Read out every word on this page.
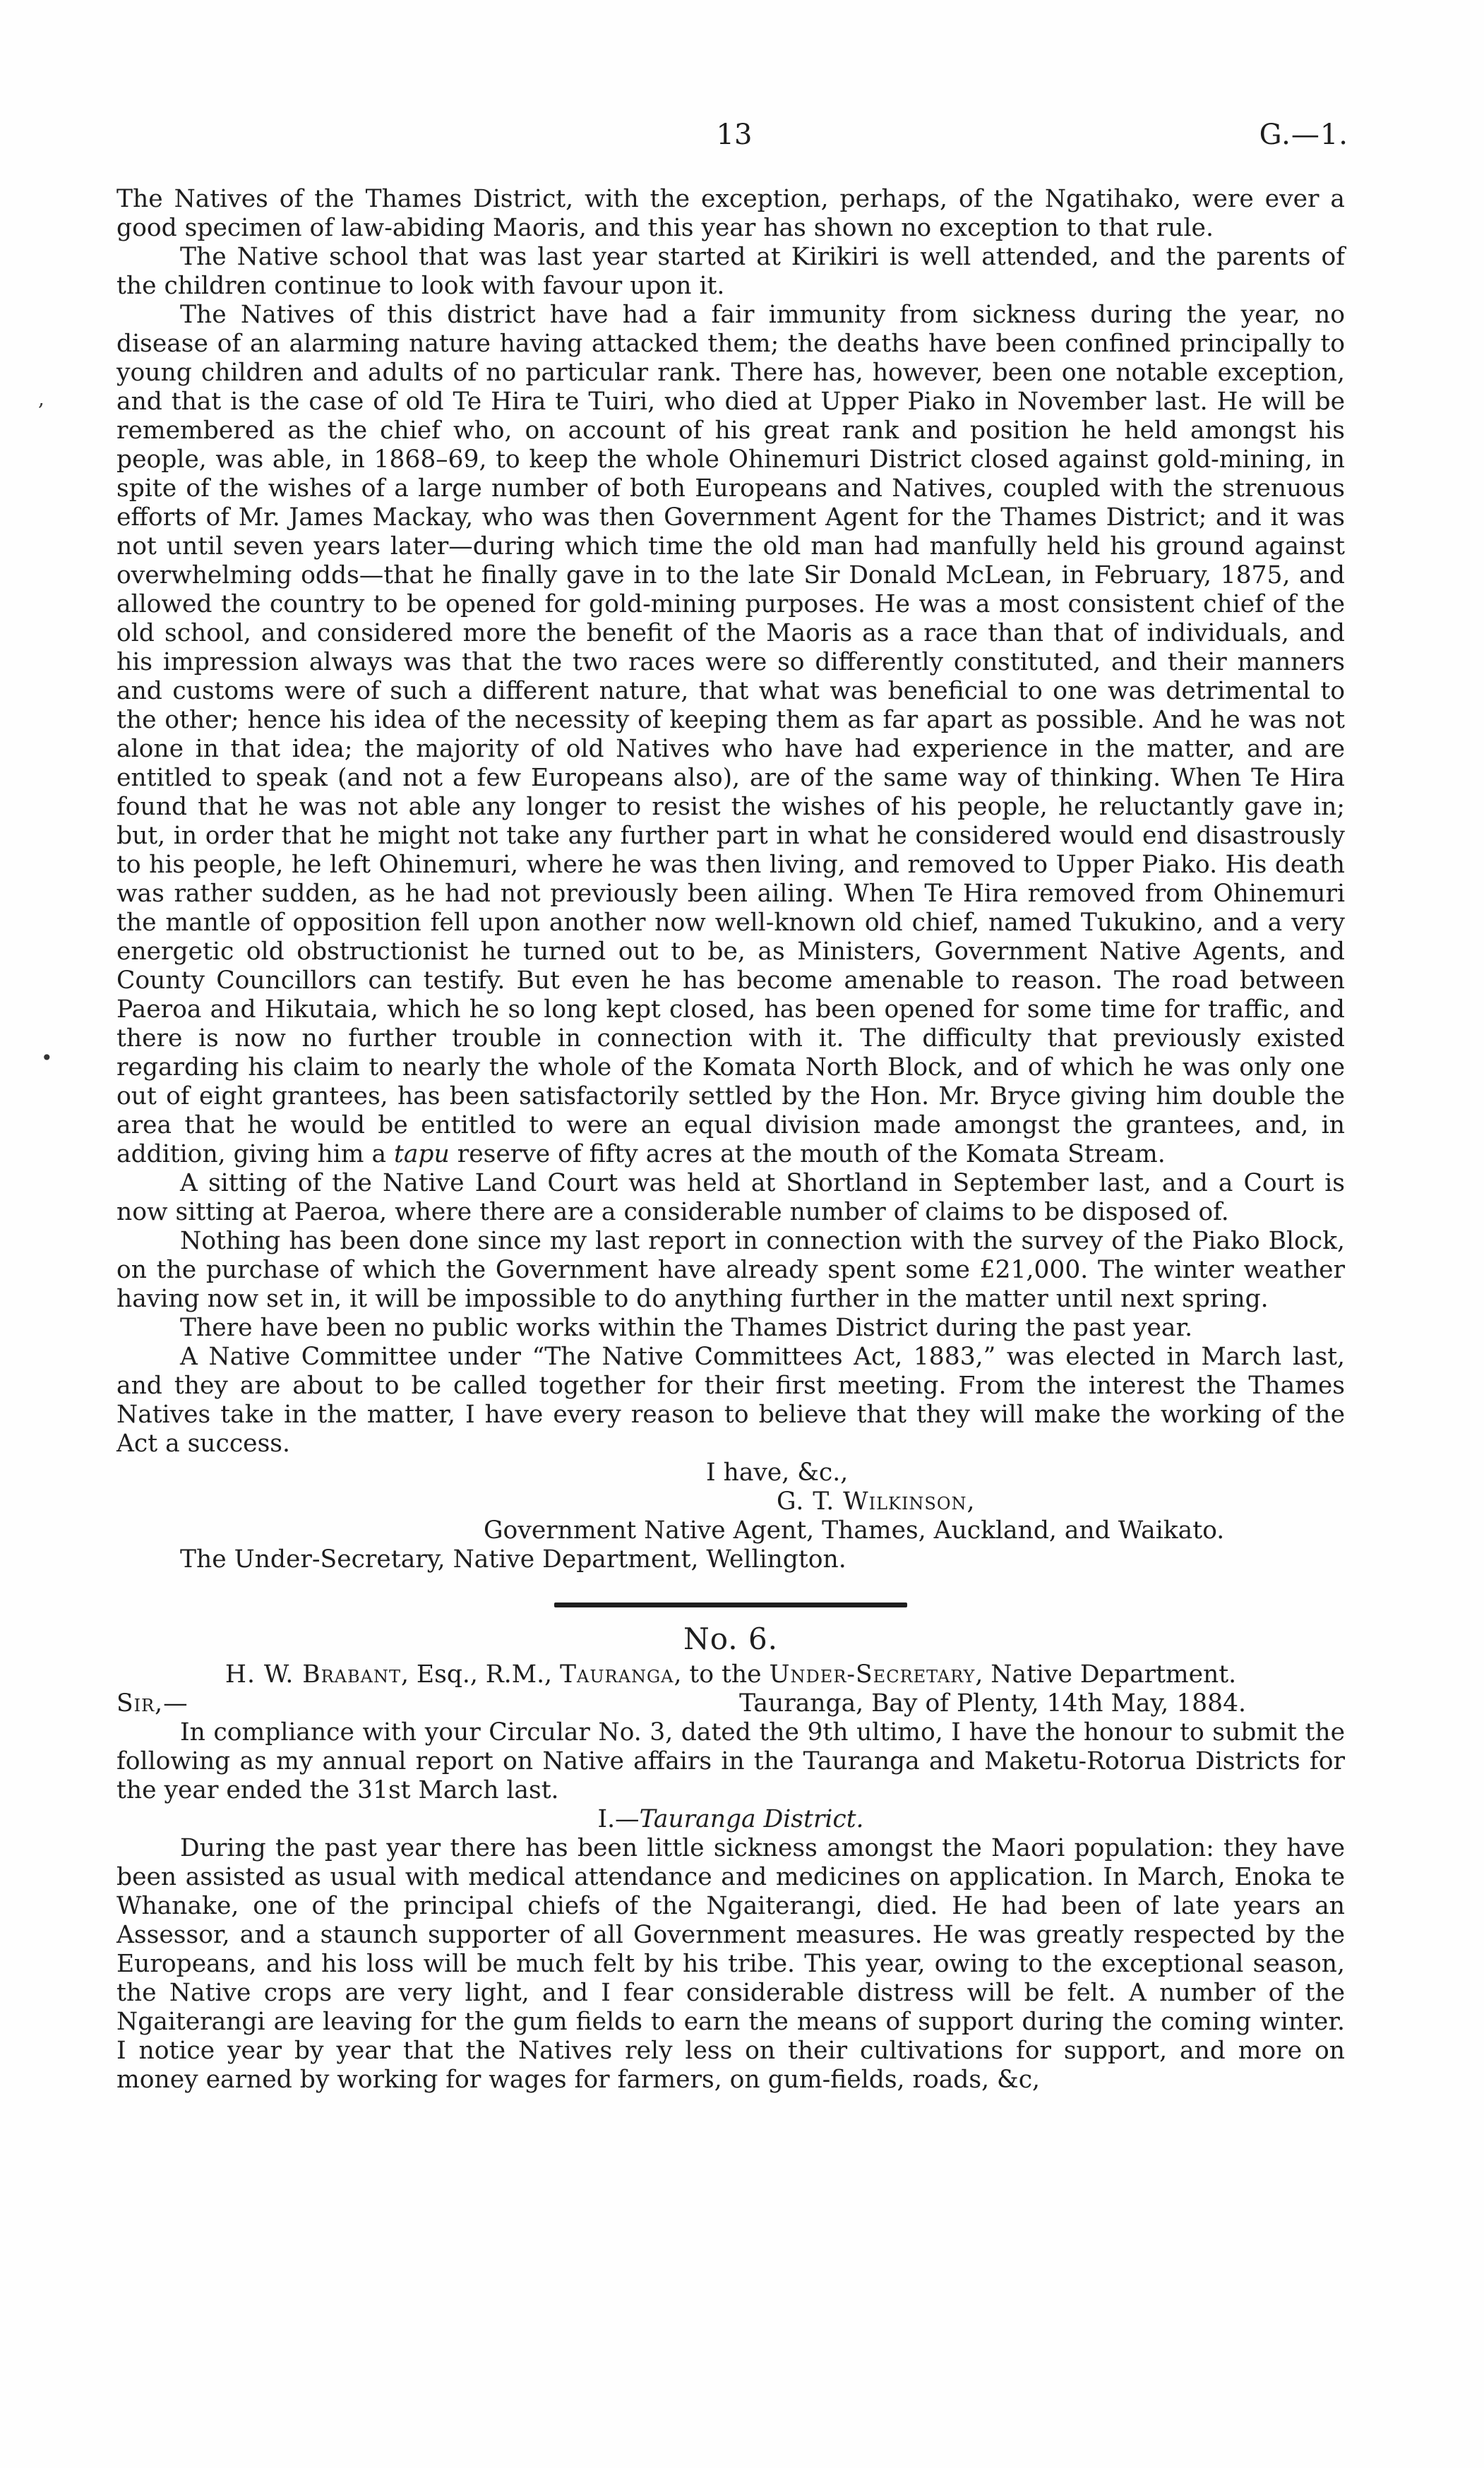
13	G.—1.
,
•

The Natives of the Thames District, with the exception, perhaps, of the Ngatihako, were ever a good specimen of law-abiding Maoris, and this year has shown no exception to that rule.

The Native school that was last year started at Kirikiri is well attended, and the parents of the children continue to look with favour upon it.

The Natives of this district have had a fair immunity from sickness during the year, no disease of an alarming nature having attacked them; the deaths have been confined principally to young children and adults of no particular rank. There has, however, been one notable exception, and that is the case of old Te Hira te Tuiri, who died at Upper Piako in November last. He will be remembered as the chief who, on account of his great rank and position he held amongst his people, was able, in 1868–69, to keep the whole Ohinemuri District closed against gold-mining, in spite of the wishes of a large number of both Europeans and Natives, coupled with the strenuous efforts of Mr. James Mackay, who was then Government Agent for the Thames District; and it was not until seven years later—during which time the old man had manfully held his ground against overwhelming odds—that he finally gave in to the late Sir Donald McLean, in February, 1875, and allowed the country to be opened for gold-mining purposes. He was a most consistent chief of the old school, and considered more the benefit of the Maoris as a race than that of individuals, and his impression always was that the two races were so differently constituted, and their manners and customs were of such a different nature, that what was beneficial to one was detrimental to the other; hence his idea of the necessity of keeping them as far apart as possible. And he was not alone in that idea; the majority of old Natives who have had experience in the matter, and are entitled to speak (and not a few Europeans also), are of the same way of thinking. When Te Hira found that he was not able any longer to resist the wishes of his people, he reluctantly gave in; but, in order that he might not take any further part in what he considered would end disastrously to his people, he left Ohinemuri, where he was then living, and removed to Upper Piako. His death was rather sudden, as he had not previously been ailing. When Te Hira removed from Ohinemuri the mantle of opposition fell upon another now well-known old chief, named Tukukino, and a very energetic old obstructionist he turned out to be, as Ministers, Government Native Agents, and County Councillors can testify. But even he has become amenable to reason. The road between Paeroa and Hikutaia, which he so long kept closed, has been opened for some time for traffic, and there is now no further trouble in connection with it. The difficulty that previously existed regarding his claim to nearly the whole of the Komata North Block, and of which he was only one out of eight grantees, has been satisfactorily settled by the Hon. Mr. Bryce giving him double the area that he would be entitled to were an equal division made amongst the grantees, and, in addition, giving him a tapu reserve of fifty acres at the mouth of the Komata Stream.

A sitting of the Native Land Court was held at Shortland in September last, and a Court is now sitting at Paeroa, where there are a considerable number of claims to be disposed of.

Nothing has been done since my last report in connection with the survey of the Piako Block, on the purchase of which the Government have already spent some £21,000. The winter weather having now set in, it will be impossible to do anything further in the matter until next spring.

There have been no public works within the Thames District during the past year.

A Native Committee under “The Native Committees Act, 1883,” was elected in March last, and they are about to be called together for their first meeting. From the interest the Thames Natives take in the matter, I have every reason to believe that they will make the working of the Act a success.

I have, &c.,
G. T. Wilkinson,
Government Native Agent, Thames, Auckland, and Waikato.
The Under-Secretary, Native Department, Wellington.
No. 6.

H. W. Brabant, Esq., R.M., Tauranga, to the Under-Secretary, Native Department.

Sir,—	Tauranga, Bay of Plenty, 14th May, 1884.

In compliance with your Circular No. 3, dated the 9th ultimo, I have the honour to submit the following as my annual report on Native affairs in the Tauranga and Maketu-Rotorua Districts for the year ended the 31st March last.

I.—Tauranga District.

During the past year there has been little sickness amongst the Maori population: they have been assisted as usual with medical attendance and medicines on application. In March, Enoka te Whanake, one of the principal chiefs of the Ngaiterangi, died. He had been of late years an Assessor, and a staunch supporter of all Government measures. He was greatly respected by the Europeans, and his loss will be much felt by his tribe. This year, owing to the exceptional season, the Native crops are very light, and I fear considerable distress will be felt. A number of the Ngaiterangi are leaving for the gum fields to earn the means of support during the coming winter. I notice year by year that the Natives rely less on their cultivations for support, and more on money earned by working for wages for farmers, on gum-fields, roads, &c,
